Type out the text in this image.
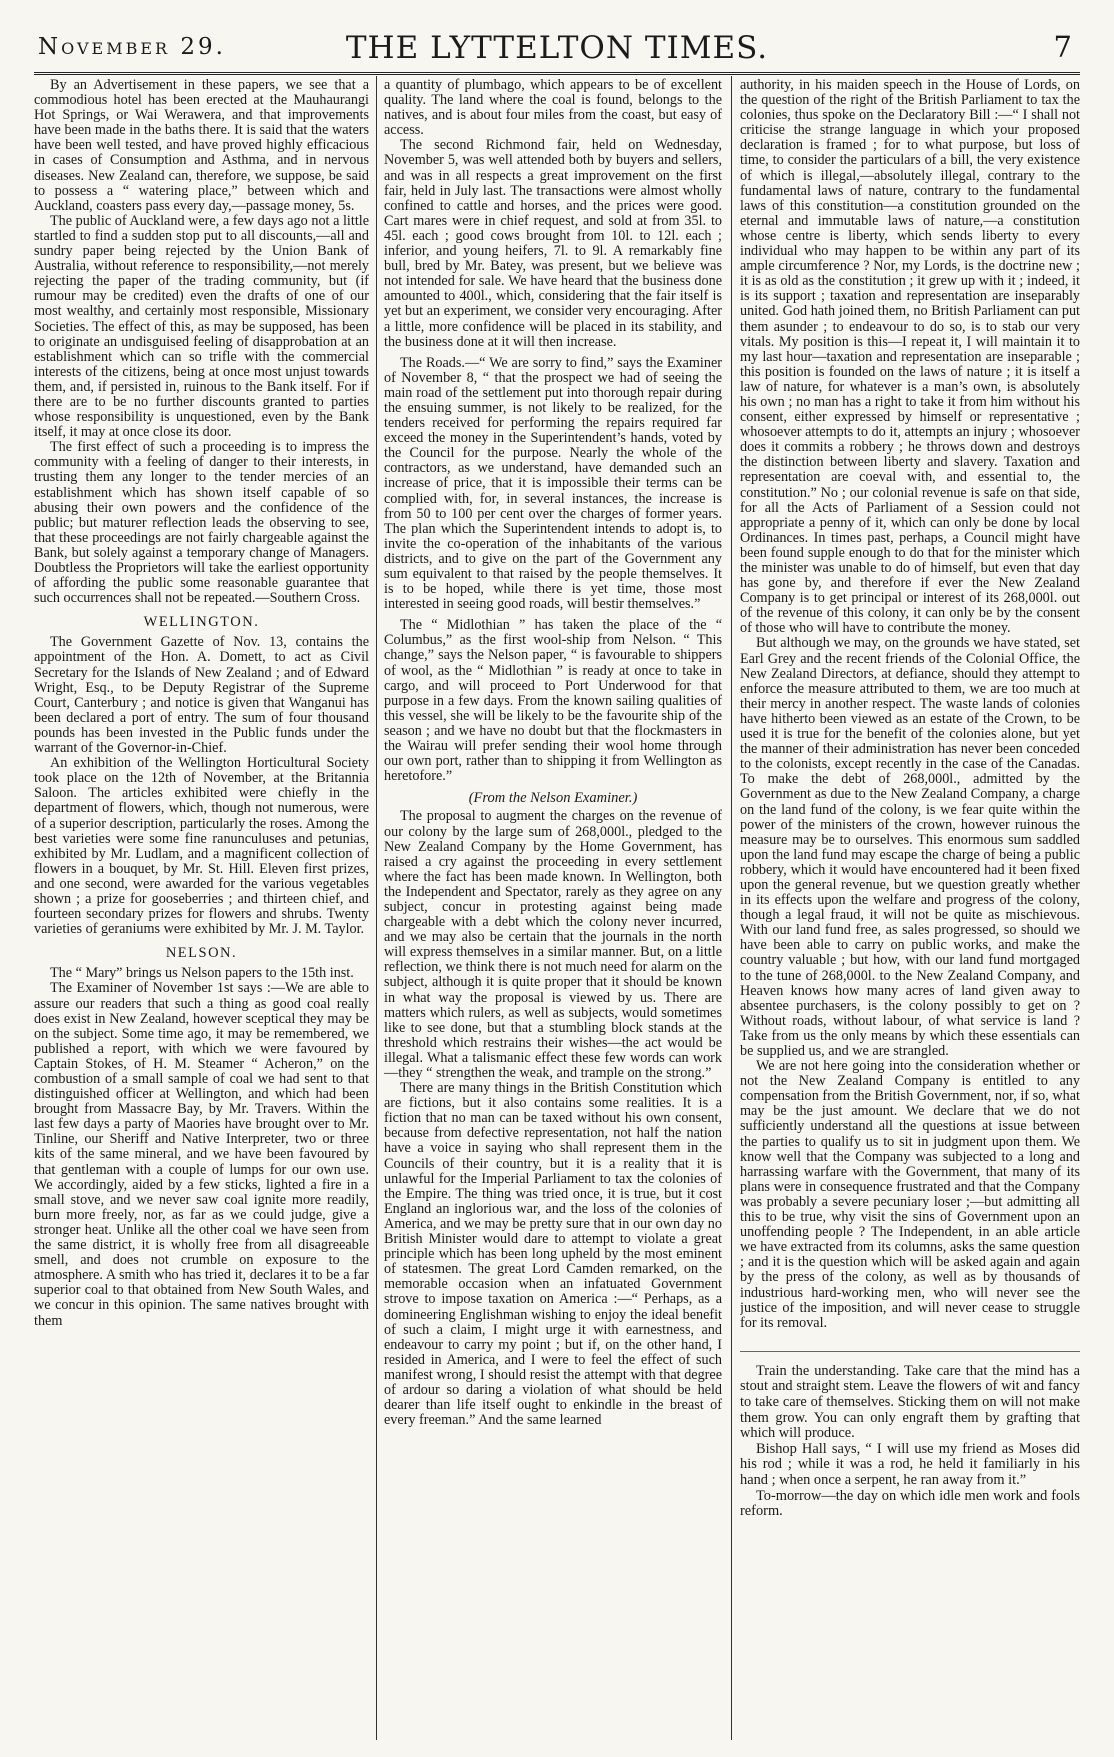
November 29.	THE LYTTELTON TIMES.	7

By an Advertisement in these papers, we see that a commodious hotel has been erected at the Mauhaurangi Hot Springs, or Wai Werawera, and that improvements have been made in the baths there. It is said that the waters have been well tested, and have proved highly efficacious in cases of Consumption and Asthma, and in nervous diseases. New Zealand can, therefore, we suppose, be said to possess a “ watering place,” between which and Auckland, coasters pass every day,—passage money, 5s.

The public of Auckland were, a few days ago not a little startled to find a sudden stop put to all discounts,—all and sundry paper being rejected by the Union Bank of Australia, without reference to responsibility,—not merely rejecting the paper of the trading community, but (if rumour may be credited) even the drafts of one of our most wealthy, and certainly most responsible, Missionary Societies. The effect of this, as may be supposed, has been to originate an undisguised feeling of disapprobation at an establishment which can so trifle with the commercial interests of the citizens, being at once most unjust towards them, and, if persisted in, ruinous to the Bank itself. For if there are to be no further discounts granted to parties whose responsibility is unquestioned, even by the Bank itself, it may at once close its door.

The first effect of such a proceeding is to impress the community with a feeling of danger to their interests, in trusting them any longer to the tender mercies of an establishment which has shown itself capable of so abusing their own powers and the confidence of the public; but maturer reflection leads the observing to see, that these proceedings are not fairly chargeable against the Bank, but solely against a temporary change of Managers. Doubtless the Proprietors will take the earliest opportunity of affording the public some reasonable guarantee that such occurrences shall not be repeated.—Southern Cross.

WELLINGTON.

The Government Gazette of Nov. 13, contains the appointment of the Hon. A. Domett, to act as Civil Secretary for the Islands of New Zealand ; and of Edward Wright, Esq., to be Deputy Registrar of the Supreme Court, Canterbury ; and notice is given that Wanganui has been declared a port of entry. The sum of four thousand pounds has been invested in the Public funds under the warrant of the Governor-in-Chief.

An exhibition of the Wellington Horticultural Society took place on the 12th of November, at the Britannia Saloon. The articles exhibited were chiefly in the department of flowers, which, though not numerous, were of a superior description, particularly the roses. Among the best varieties were some fine ranunculuses and petunias, exhibited by Mr. Ludlam, and a magnificent collection of flowers in a bouquet, by Mr. St. Hill. Eleven first prizes, and one second, were awarded for the various vegetables shown ; a prize for gooseberries ; and thirteen chief, and fourteen secondary prizes for flowers and shrubs. Twenty varieties of geraniums were exhibited by Mr. J. M. Taylor.

NELSON.

The “ Mary” brings us Nelson papers to the 15th inst.

The Examiner of November 1st says :—We are able to assure our readers that such a thing as good coal really does exist in New Zealand, however sceptical they may be on the subject. Some time ago, it may be remembered, we published a report, with which we were favoured by Captain Stokes, of H. M. Steamer “ Acheron,” on the combustion of a small sample of coal we had sent to that distinguished officer at Wellington, and which had been brought from Massacre Bay, by Mr. Travers. Within the last few days a party of Maories have brought over to Mr. Tinline, our Sheriff and Native Interpreter, two or three kits of the same mineral, and we have been favoured by that gentleman with a couple of lumps for our own use. We accordingly, aided by a few sticks, lighted a fire in a small stove, and we never saw coal ignite more readily, burn more freely, nor, as far as we could judge, give a stronger heat. Unlike all the other coal we have seen from the same district, it is wholly free from all disagreeable smell, and does not crumble on exposure to the atmosphere. A smith who has tried it, declares it to be a far superior coal to that obtained from New South Wales, and we concur in this opinion. The same natives brought with them

a quantity of plumbago, which appears to be of excellent quality. The land where the coal is found, belongs to the natives, and is about four miles from the coast, but easy of access.

The second Richmond fair, held on Wednesday, November 5, was well attended both by buyers and sellers, and was in all respects a great improvement on the first fair, held in July last. The transactions were almost wholly confined to cattle and horses, and the prices were good. Cart mares were in chief request, and sold at from 35l. to 45l. each ; good cows brought from 10l. to 12l. each ; inferior, and young heifers, 7l. to 9l. A remarkably fine bull, bred by Mr. Batey, was present, but we believe was not intended for sale. We have heard that the business done amounted to 400l., which, considering that the fair itself is yet but an experiment, we consider very encouraging. After a little, more confidence will be placed in its stability, and the business done at it will then increase.

The Roads.—“ We are sorry to find,” says the Examiner of November 8, “ that the prospect we had of seeing the main road of the settlement put into thorough repair during the ensuing summer, is not likely to be realized, for the tenders received for performing the repairs required far exceed the money in the Superintendent’s hands, voted by the Council for the purpose. Nearly the whole of the contractors, as we understand, have demanded such an increase of price, that it is impossible their terms can be complied with, for, in several instances, the increase is from 50 to 100 per cent over the charges of former years. The plan which the Superintendent intends to adopt is, to invite the co-operation of the inhabitants of the various districts, and to give on the part of the Government any sum equivalent to that raised by the people themselves. It is to be hoped, while there is yet time, those most interested in seeing good roads, will bestir themselves.”

The “ Midlothian ” has taken the place of the “ Columbus,” as the first wool-ship from Nelson. “ This change,” says the Nelson paper, “ is favourable to shippers of wool, as the “ Midlothian ” is ready at once to take in cargo, and will proceed to Port Underwood for that purpose in a few days. From the known sailing qualities of this vessel, she will be likely to be the favourite ship of the season ; and we have no doubt but that the flockmasters in the Wairau will prefer sending their wool home through our own port, rather than to shipping it from Wellington as heretofore.”

(From the Nelson Examiner.)

The proposal to augment the charges on the revenue of our colony by the large sum of 268,000l., pledged to the New Zealand Company by the Home Government, has raised a cry against the proceeding in every settlement where the fact has been made known. In Wellington, both the Independent and Spectator, rarely as they agree on any subject, concur in protesting against being made chargeable with a debt which the colony never incurred, and we may also be certain that the journals in the north will express themselves in a similar manner. But, on a little reflection, we think there is not much need for alarm on the subject, although it is quite proper that it should be known in what way the proposal is viewed by us. There are matters which rulers, as well as subjects, would sometimes like to see done, but that a stumbling block stands at the threshold which restrains their wishes—the act would be illegal. What a talismanic effect these few words can work—they “ strengthen the weak, and trample on the strong.”

There are many things in the British Constitution which are fictions, but it also contains some realities. It is a fiction that no man can be taxed without his own consent, because from defective representation, not half the nation have a voice in saying who shall represent them in the Councils of their country, but it is a reality that it is unlawful for the Imperial Parliament to tax the colonies of the Empire. The thing was tried once, it is true, but it cost England an inglorious war, and the loss of the colonies of America, and we may be pretty sure that in our own day no British Minister would dare to attempt to violate a great principle which has been long upheld by the most eminent of statesmen. The great Lord Camden remarked, on the memorable occasion when an infatuated Government strove to impose taxation on America :—“ Perhaps, as a domineering Englishman wishing to enjoy the ideal benefit of such a claim, I might urge it with earnestness, and endeavour to carry my point ; but if, on the other hand, I resided in America, and I were to feel the effect of such manifest wrong, I should resist the attempt with that degree of ardour so daring a violation of what should be held dearer than life itself ought to enkindle in the breast of every freeman.” And the same learned

authority, in his maiden speech in the House of Lords, on the question of the right of the British Parliament to tax the colonies, thus spoke on the Declaratory Bill :—“ I shall not criticise the strange language in which your proposed declaration is framed ; for to what purpose, but loss of time, to consider the particulars of a bill, the very existence of which is illegal,—absolutely illegal, contrary to the fundamental laws of nature, contrary to the fundamental laws of this constitution—a constitution grounded on the eternal and immutable laws of nature,—a constitution whose centre is liberty, which sends liberty to every individual who may happen to be within any part of its ample circumference ? Nor, my Lords, is the doctrine new ; it is as old as the constitution ; it grew up with it ; indeed, it is its support ; taxation and representation are inseparably united. God hath joined them, no British Parliament can put them asunder ; to endeavour to do so, is to stab our very vitals. My position is this—I repeat it, I will maintain it to my last hour—taxation and representation are inseparable ; this position is founded on the laws of nature ; it is itself a law of nature, for whatever is a man’s own, is absolutely his own ; no man has a right to take it from him without his consent, either expressed by himself or representative ; whosoever attempts to do it, attempts an injury ; whosoever does it commits a robbery ; he throws down and destroys the distinction between liberty and slavery. Taxation and representation are coeval with, and essential to, the constitution.” No ; our colonial revenue is safe on that side, for all the Acts of Parliament of a Session could not appropriate a penny of it, which can only be done by local Ordinances. In times past, perhaps, a Council might have been found supple enough to do that for the minister which the minister was unable to do of himself, but even that day has gone by, and therefore if ever the New Zealand Company is to get principal or interest of its 268,000l. out of the revenue of this colony, it can only be by the consent of those who will have to contribute the money.

But although we may, on the grounds we have stated, set Earl Grey and the recent friends of the Colonial Office, the New Zealand Directors, at defiance, should they attempt to enforce the measure attributed to them, we are too much at their mercy in another respect. The waste lands of colonies have hitherto been viewed as an estate of the Crown, to be used it is true for the benefit of the colonies alone, but yet the manner of their administration has never been conceded to the colonists, except recently in the case of the Canadas. To make the debt of 268,000l., admitted by the Government as due to the New Zealand Company, a charge on the land fund of the colony, is we fear quite within the power of the ministers of the crown, however ruinous the measure may be to ourselves. This enormous sum saddled upon the land fund may escape the charge of being a public robbery, which it would have encountered had it been fixed upon the general revenue, but we question greatly whether in its effects upon the welfare and progress of the colony, though a legal fraud, it will not be quite as mischievous. With our land fund free, as sales progressed, so should we have been able to carry on public works, and make the country valuable ; but how, with our land fund mortgaged to the tune of 268,000l. to the New Zealand Company, and Heaven knows how many acres of land given away to absentee purchasers, is the colony possibly to get on ? Without roads, without labour, of what service is land ? Take from us the only means by which these essentials can be supplied us, and we are strangled.

We are not here going into the consideration whether or not the New Zealand Company is entitled to any compensation from the British Government, nor, if so, what may be the just amount. We declare that we do not sufficiently understand all the questions at issue between the parties to qualify us to sit in judgment upon them. We know well that the Company was subjected to a long and harrassing warfare with the Government, that many of its plans were in consequence frustrated and that the Company was probably a severe pecuniary loser ;—but admitting all this to be true, why visit the sins of Government upon an unoffending people ? The Independent, in an able article we have extracted from its columns, asks the same question ; and it is the question which will be asked again and again by the press of the colony, as well as by thousands of industrious hard-working men, who will never see the justice of the imposition, and will never cease to struggle for its removal.

Train the understanding. Take care that the mind has a stout and straight stem. Leave the flowers of wit and fancy to take care of themselves. Sticking them on will not make them grow. You can only engraft them by grafting that which will produce.

Bishop Hall says, “ I will use my friend as Moses did his rod ; while it was a rod, he held it familiarly in his hand ; when once a serpent, he ran away from it.”

To-morrow—the day on which idle men work and fools reform.
